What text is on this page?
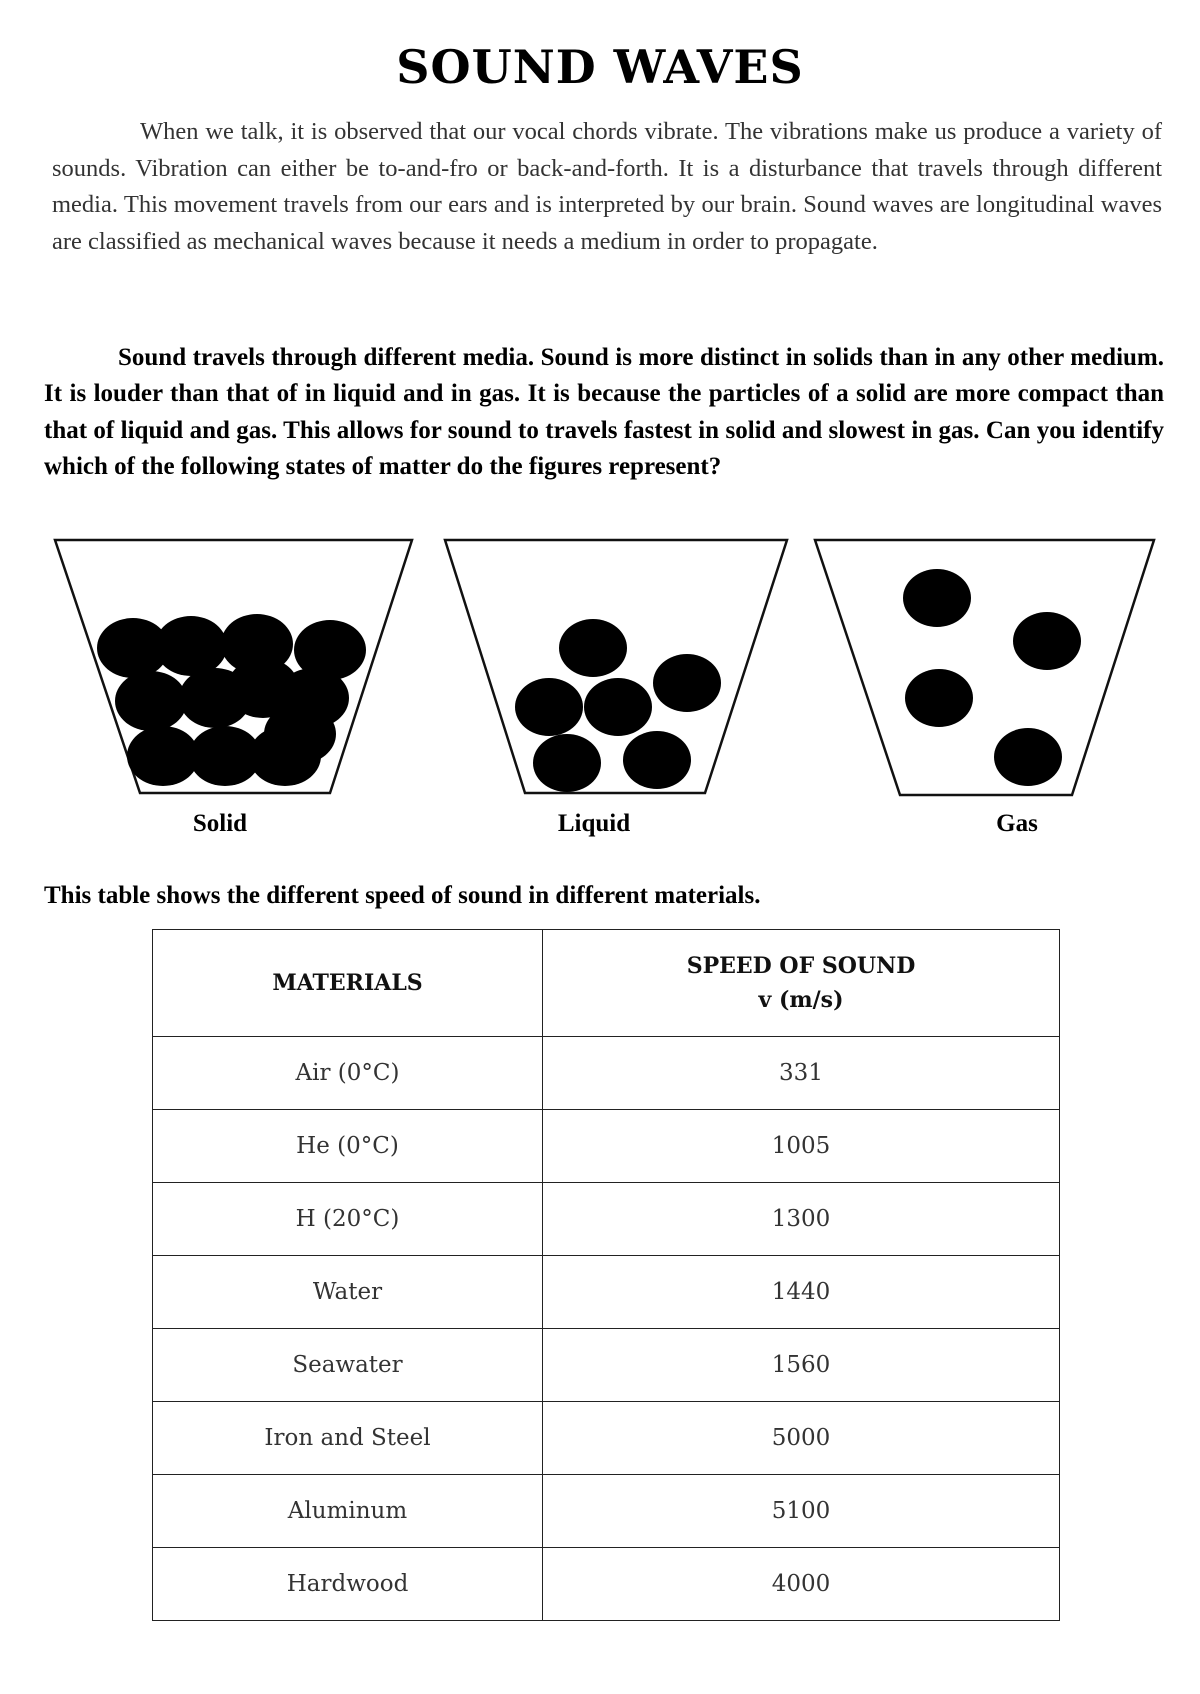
SOUND WAVES

When we talk, it is observed that our vocal chords vibrate. The vibrations make us produce a variety of sounds. Vibration can either be to-and-fro or back-and-forth. It is a disturbance that travels through different media. This movement travels from our ears and is interpreted by our brain. Sound waves are longitudinal waves are classified as mechanical waves because it needs a medium in order to propagate.

Sound travels through different media. Sound is more distinct in solids than in any other medium. It is louder than that of in liquid and in gas. It is because the particles of a solid are more compact than that of liquid and gas. This allows for sound to travels fastest in solid and slowest in gas. Can you identify which of the following states of matter do the figures represent?

Solid	Liquid	Gas

This table shows the different speed of sound in different materials.

MATERIALS	SPEED OF SOUND
v (m/s)
Air (0°C)	331
He (0°C)	1005
H (20°C)	1300
Water	1440
Seawater	1560
Iron and Steel	5000
Aluminum	5100
Hardwood	4000
